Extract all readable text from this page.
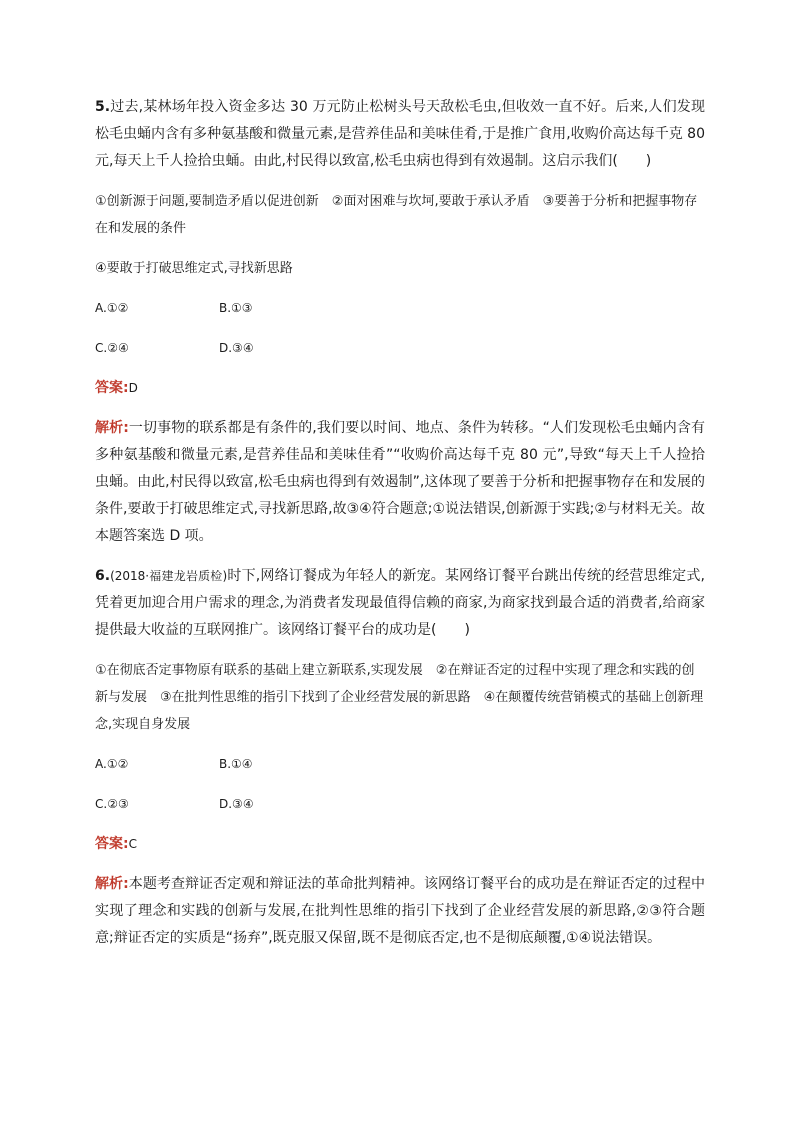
5.过去,某林场年投入资金多达 30 万元防止松树头号天敌松毛虫,但收效一直不好。后来,人们发现松毛虫蛹内含有多种氨基酸和微量元素,是营养佳品和美味佳肴,于是推广食用,收购价高达每千克 80 元,每天上千人捡拾虫蛹。由此,村民得以致富,松毛虫病也得到有效遏制。这启示我们(　　)

①创新源于问题,要制造矛盾以促进创新　②面对困难与坎坷,要敢于承认矛盾　③要善于分析和把握事物存在和发展的条件

④要敢于打破思维定式,寻找新思路

A.①②	B.①③
C.②④	D.③④

答案:D

解析:一切事物的联系都是有条件的,我们要以时间、地点、条件为转移。“人们发现松毛虫蛹内含有多种氨基酸和微量元素,是营养佳品和美味佳肴”“收购价高达每千克 80 元”,导致“每天上千人捡拾虫蛹。由此,村民得以致富,松毛虫病也得到有效遏制”,这体现了要善于分析和把握事物存在和发展的条件,要敢于打破思维定式,寻找新思路,故③④符合题意;①说法错误,创新源于实践;②与材料无关。故本题答案选 D 项。

6.(2018·福建龙岩质检)时下,网络订餐成为年轻人的新宠。某网络订餐平台跳出传统的经营思维定式,凭着更加迎合用户需求的理念,为消费者发现最值得信赖的商家,为商家找到最合适的消费者,给商家提供最大收益的互联网推广。该网络订餐平台的成功是(　　)

①在彻底否定事物原有联系的基础上建立新联系,实现发展　②在辩证否定的过程中实现了理念和实践的创新与发展　③在批判性思维的指引下找到了企业经营发展的新思路　④在颠覆传统营销模式的基础上创新理念,实现自身发展

A.①②	B.①④
C.②③	D.③④

答案:C

解析:本题考查辩证否定观和辩证法的革命批判精神。该网络订餐平台的成功是在辩证否定的过程中实现了理念和实践的创新与发展,在批判性思维的指引下找到了企业经营发展的新思路,②③符合题意;辩证否定的实质是“扬弃”,既克服又保留,既不是彻底否定,也不是彻底颠覆,①④说法错误。
